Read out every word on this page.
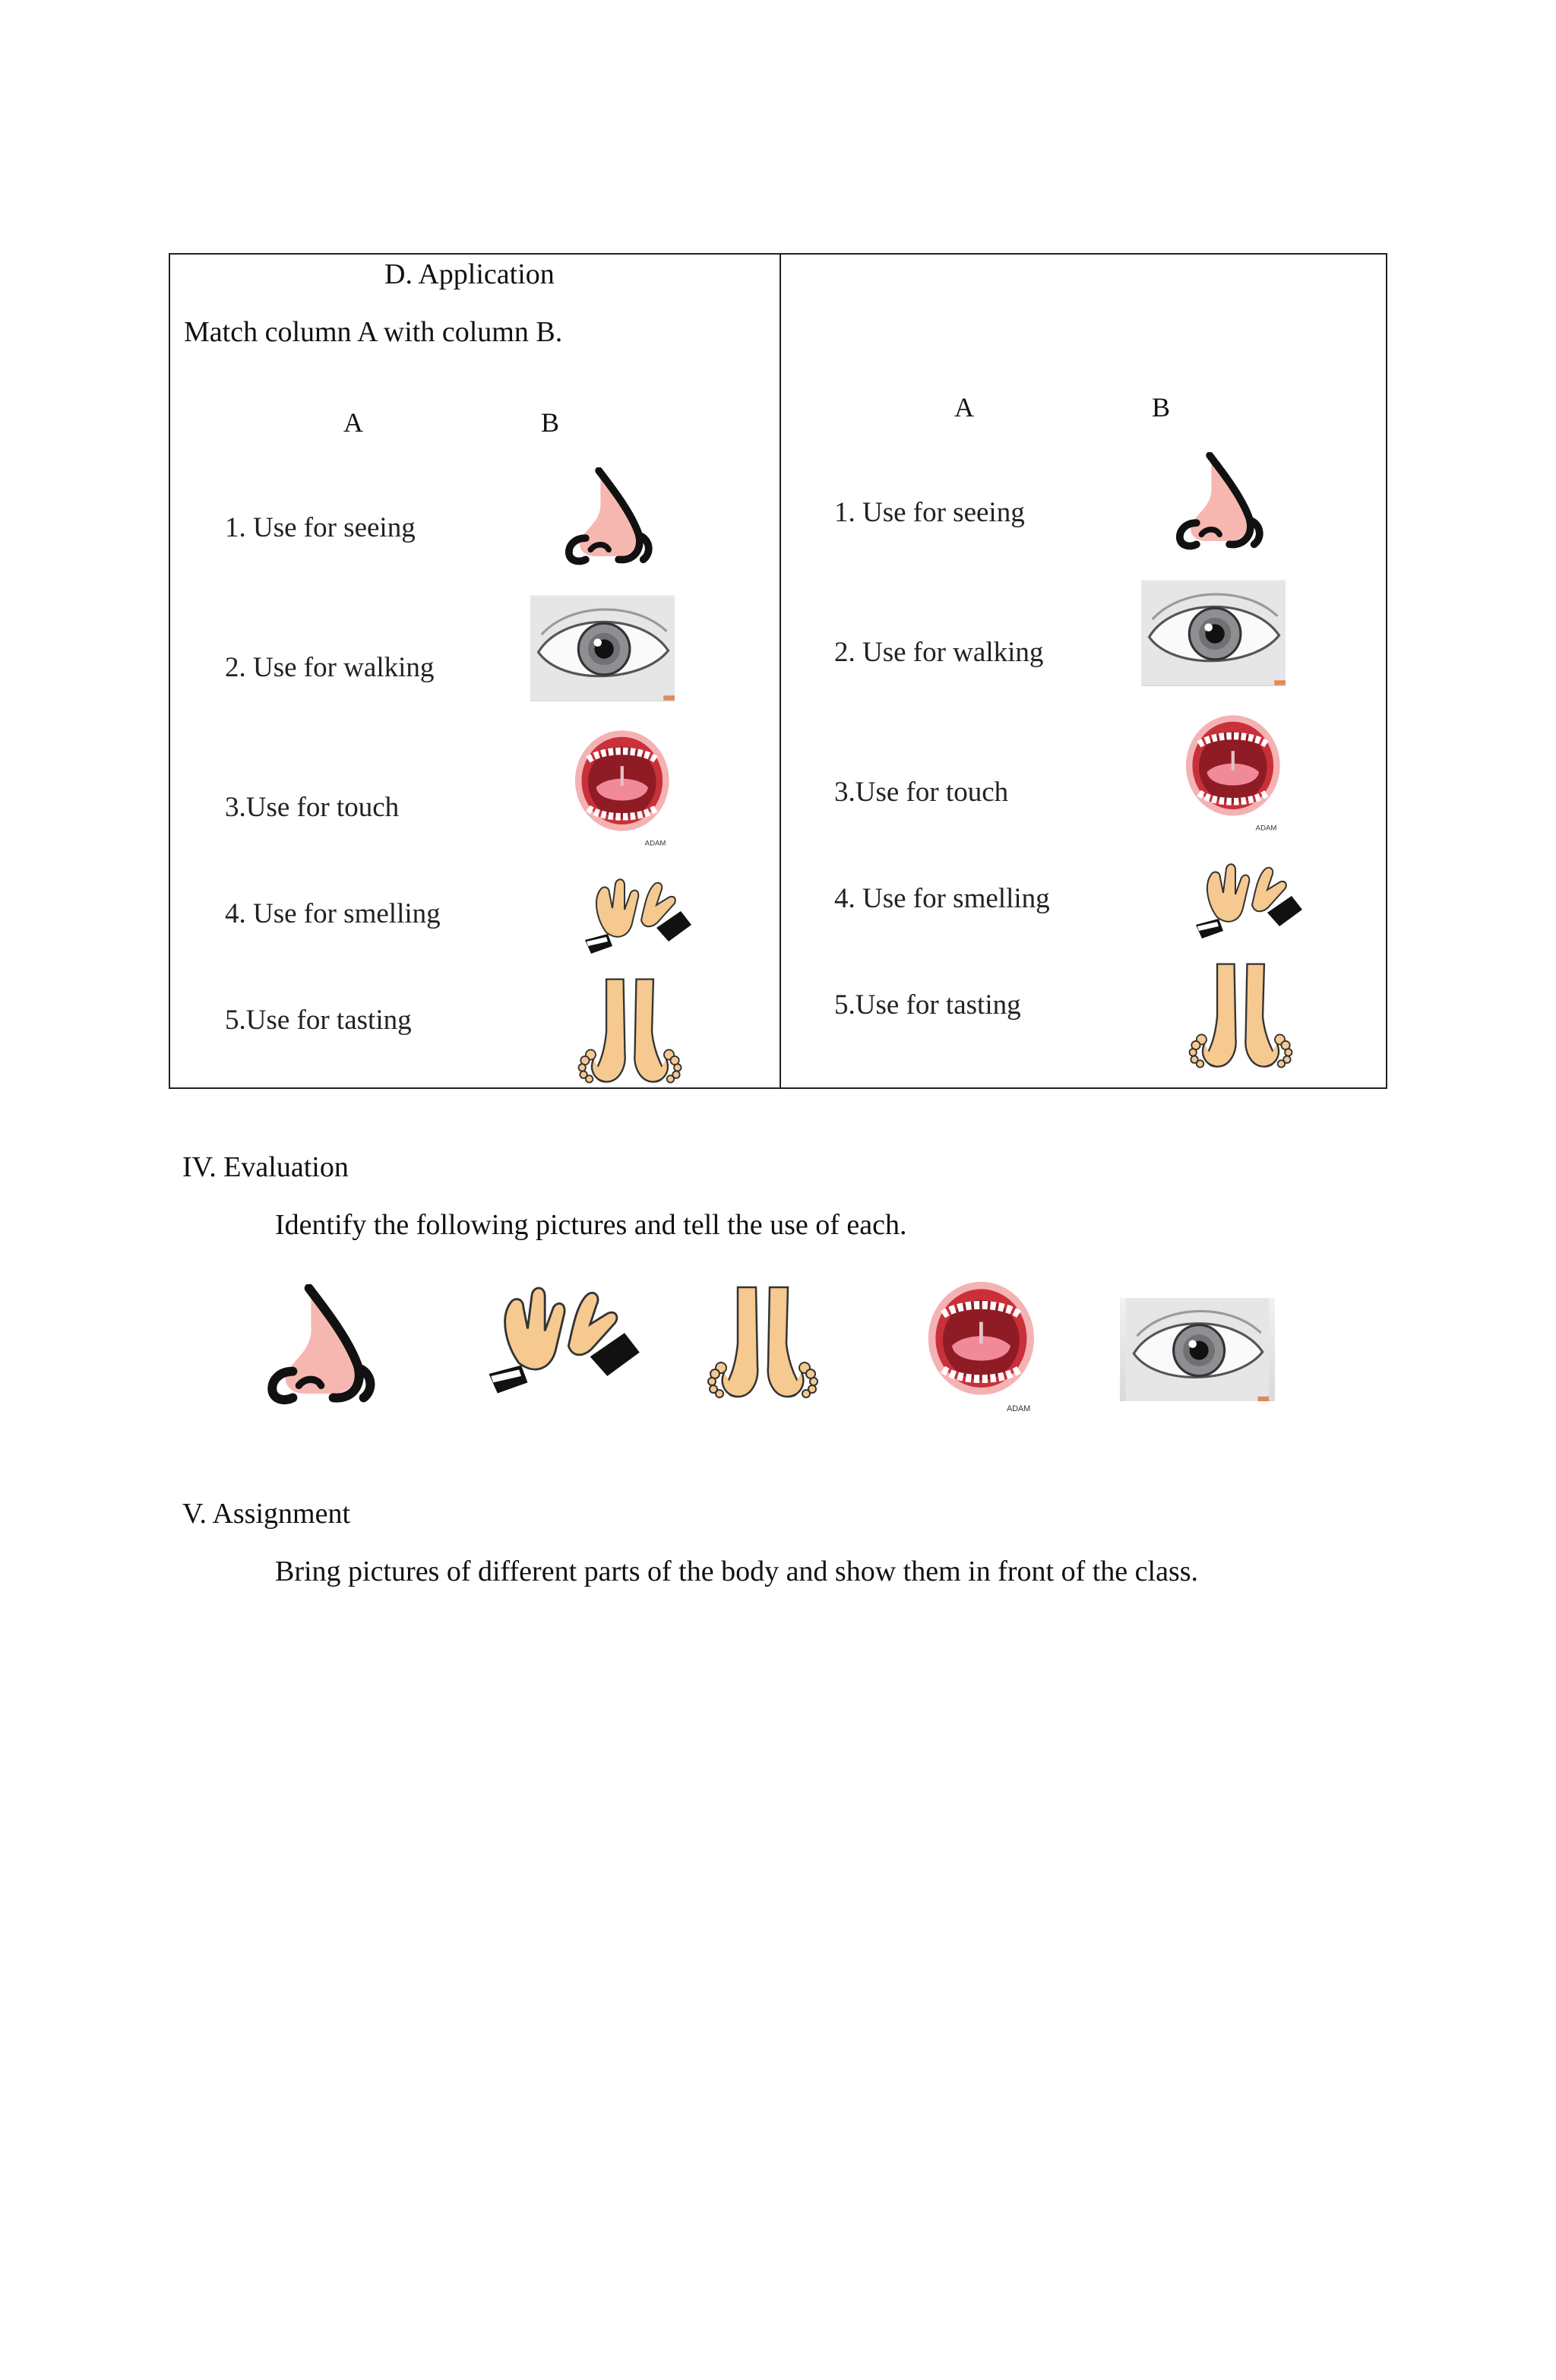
D. Application
Match column A with column B.
A	B
1. Use for seeing
2. Use for walking
3.Use for touch
4. Use for smelling
5.Use for tasting
A	B
1. Use for seeing
2. Use for walking
3.Use for touch
4. Use for smelling
5.Use for tasting
IV. Evaluation
Identify the following pictures and tell the use of each.
V. Assignment
Bring pictures of different parts of the body and show them in front of the class.
